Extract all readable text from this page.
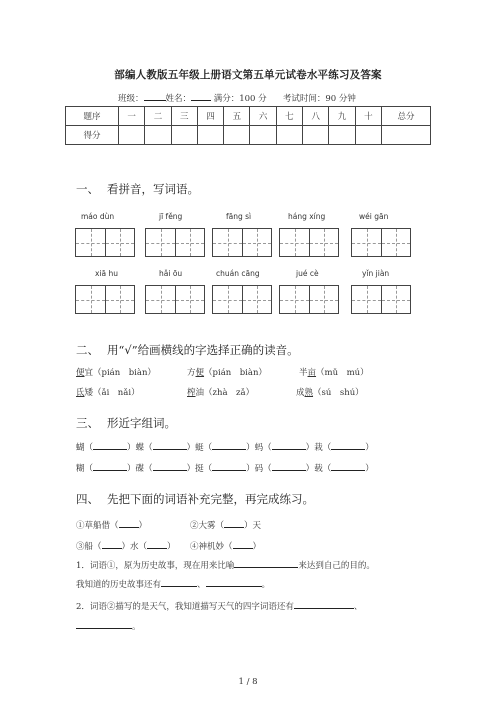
部编人教版五年级上册语文第五单元试卷水平练习及答案
班级：	姓名：	满分：100 分 考试时间：90 分钟
题序	一	二	三	四	五	六	七	八	九	十	总分
得分											
一、 看拼音，写词语。
máo dùn	jī fěng	fāng sì	háng xíng	wéi gān
xiā hu	hǎi ōu	chuán cāng	jué cè	yǐn jiàn
二、 用“√”给画横线的字选择正确的读音。
便宜（pián　biàn）	方便（pián　biàn）	半亩（mǔ　mú）
氐矮（ǎi　nǎi）	榨油（zhà　zǎ）	成熟（sú　shú）
三、 形近字组词。
蝴（	）蝶（	）蜓（	）蚂（	）栽（	）
糊（	）碟（	）挺（	）码（	）载（	）
四、 先把下面的词语补充完整，再完成练习。
①草船借（ ）	②大雾（ ）天
③船（ ）水（ ） ④神机妙（ ）
1．词语①，原为历史故事，现在用来比喻	来达到自己的目的。
我知道的历史故事还有	、	。
2．词语②描写的是天气，我知道描写天气的四字词语还有	、
。
1 / 8
